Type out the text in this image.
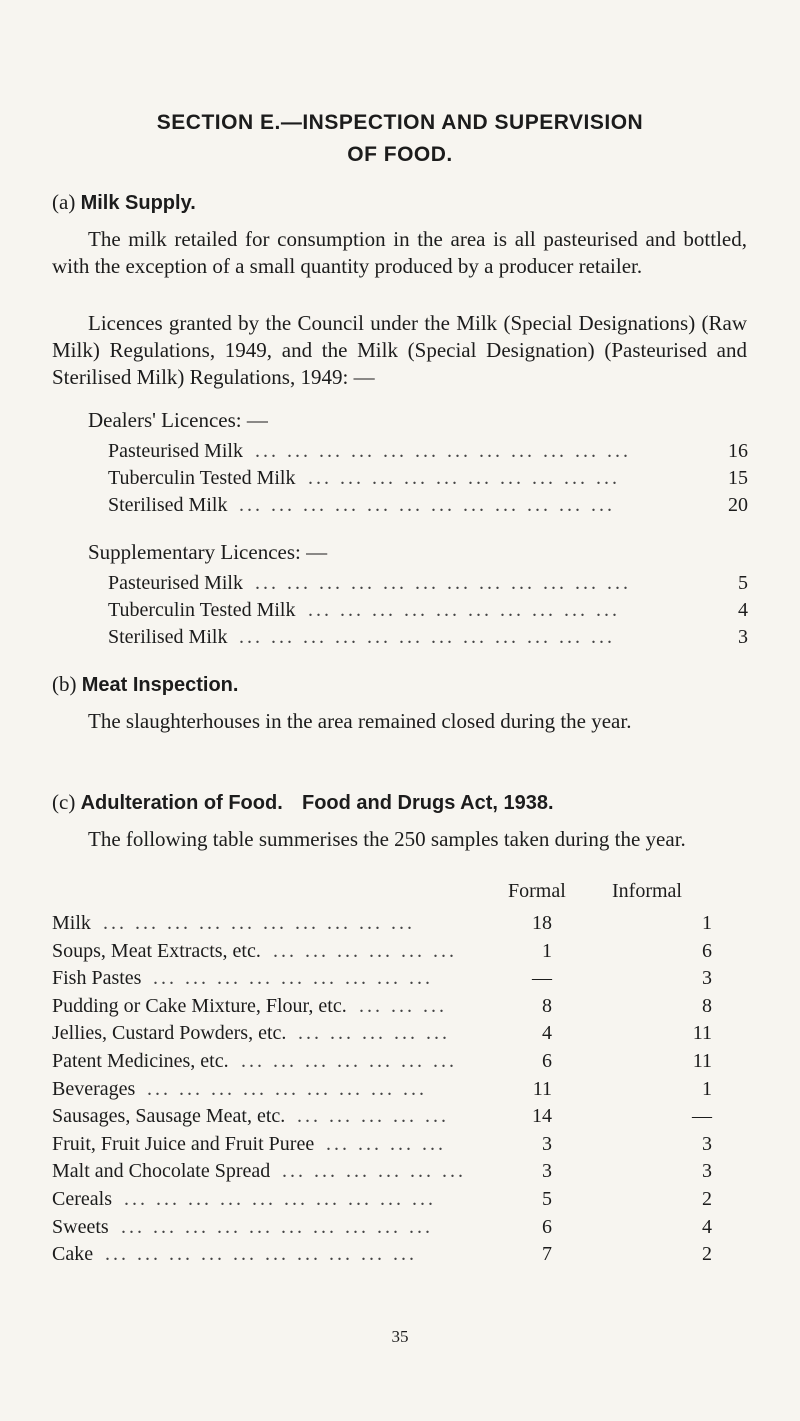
SECTION E.—INSPECTION AND SUPERVISION
OF FOOD.
(a) Milk Supply.

The milk retailed for consumption in the area is all pasteurised and bottled, with the exception of a small quantity produced by a producer retailer.

Licences granted by the Council under the Milk (Special Designations) (Raw Milk) Regulations, 1949, and the Milk (Special Designation) (Pasteurised and Sterilised Milk) Regulations, 1949: —

Dealers' Licences: —
Pasteurised Milk ... ... ... ... ... ... ... ... ... ... ... ...	16
Tuberculin Tested Milk ... ... ... ... ... ... ... ... ... ...	15
Sterilised Milk ... ... ... ... ... ... ... ... ... ... ... ...	20
Supplementary Licences: —
Pasteurised Milk ... ... ... ... ... ... ... ... ... ... ... ...	5
Tuberculin Tested Milk ... ... ... ... ... ... ... ... ... ...	4
Sterilised Milk ... ... ... ... ... ... ... ... ... ... ... ...	3
(b) Meat Inspection.

The slaughterhouses in the area remained closed during the year.

(c) Adulteration of Food. Food and Drugs Act, 1938.

The following table summerises the 250 samples taken during the year.

Formal Informal
Milk ... ... ... ... ... ... ... ... ... ...	18	1
Soups, Meat Extracts, etc. ... ... ... ... ... ...	1	6
Fish Pastes ... ... ... ... ... ... ... ... ...	—	3
Pudding or Cake Mixture, Flour, etc. ... ... ...	8	8
Jellies, Custard Powders, etc. ... ... ... ... ...	4	11
Patent Medicines, etc. ... ... ... ... ... ... ...	6	11
Beverages ... ... ... ... ... ... ... ... ...	11	1
Sausages, Sausage Meat, etc. ... ... ... ... ...	14	—
Fruit, Fruit Juice and Fruit Puree ... ... ... ...	3	3
Malt and Chocolate Spread ... ... ... ... ... ...	3	3
Cereals ... ... ... ... ... ... ... ... ... ...	5	2
Sweets ... ... ... ... ... ... ... ... ... ...	6	4
Cake ... ... ... ... ... ... ... ... ... ...	7	2
35
